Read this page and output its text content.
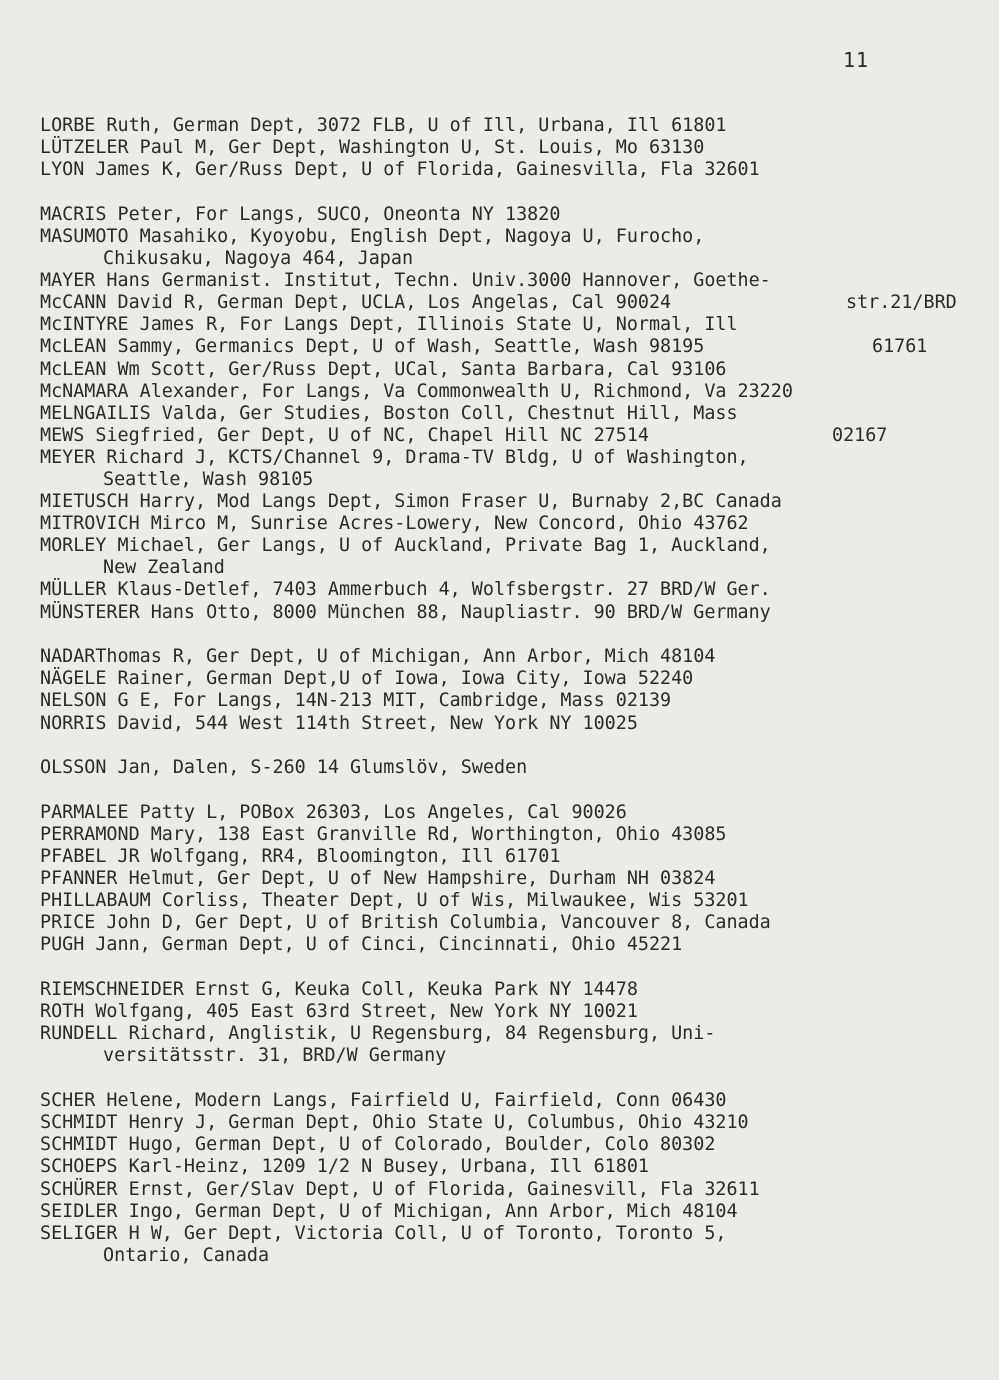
11
LORBE Ruth, German Dept, 3072 FLB, U of Ill, Urbana, Ill 61801
LÜTZELER Paul M, Ger Dept, Washington U, St. Louis, Mo 63130
LYON James K, Ger/Russ Dept, U of Florida, Gainesvilla, Fla 32601
MACRIS Peter, For Langs, SUCO, Oneonta NY 13820
MASUMOTO Masahiko, Kyoyobu, English Dept, Nagoya U, Furocho,
Chikusaku, Nagoya 464, Japan
MAYER Hans Germanist. Institut, Techn. Univ.3000 Hannover, Goethe-
McCANN David R, German Dept, UCLA, Los Angelas, Cal 90024	str.21/BRD
McINTYRE James R, For Langs Dept, Illinois State U, Normal, Ill
McLEAN Sammy, Germanics Dept, U of Wash, Seattle, Wash 98195	61761
McLEAN Wm Scott, Ger/Russ Dept, UCal, Santa Barbara, Cal 93106
McNAMARA Alexander, For Langs, Va Commonwealth U, Richmond, Va 23220
MELNGAILIS Valda, Ger Studies, Boston Coll, Chestnut Hill, Mass
MEWS Siegfried, Ger Dept, U of NC, Chapel Hill NC 27514	02167
MEYER Richard J, KCTS/Channel 9, Drama-TV Bldg, U of Washington,
Seattle, Wash 98105
MIETUSCH Harry, Mod Langs Dept, Simon Fraser U, Burnaby 2,BC Canada
MITROVICH Mirco M, Sunrise Acres-Lowery, New Concord, Ohio 43762
MORLEY Michael, Ger Langs, U of Auckland, Private Bag 1, Auckland,
New Zealand
MÜLLER Klaus-Detlef, 7403 Ammerbuch 4, Wolfsbergstr. 27 BRD/W Ger.
MÜNSTERER Hans Otto, 8000 München 88, Naupliastr. 90 BRD/W Germany
NADARThomas R, Ger Dept, U of Michigan, Ann Arbor, Mich 48104
NÄGELE Rainer, German Dept,U of Iowa, Iowa City, Iowa 52240
NELSON G E, For Langs, 14N-213 MIT, Cambridge, Mass 02139
NORRIS David, 544 West 114th Street, New York NY 10025
OLSSON Jan, Dalen, S-260 14 Glumslöv, Sweden
PARMALEE Patty L, POBox 26303, Los Angeles, Cal 90026
PERRAMOND Mary, 138 East Granville Rd, Worthington, Ohio 43085
PFABEL JR Wolfgang, RR4, Bloomington, Ill 61701
PFANNER Helmut, Ger Dept, U of New Hampshire, Durham NH 03824
PHILLABAUM Corliss, Theater Dept, U of Wis, Milwaukee, Wis 53201
PRICE John D, Ger Dept, U of British Columbia, Vancouver 8, Canada
PUGH Jann, German Dept, U of Cinci, Cincinnati, Ohio 45221
RIEMSCHNEIDER Ernst G, Keuka Coll, Keuka Park NY 14478
ROTH Wolfgang, 405 East 63rd Street, New York NY 10021
RUNDELL Richard, Anglistik, U Regensburg, 84 Regensburg, Uni-
versitätsstr. 31, BRD/W Germany
SCHER Helene, Modern Langs, Fairfield U, Fairfield, Conn 06430
SCHMIDT Henry J, German Dept, Ohio State U, Columbus, Ohio 43210
SCHMIDT Hugo, German Dept, U of Colorado, Boulder, Colo 80302
SCHOEPS Karl-Heinz, 1209 1/2 N Busey, Urbana, Ill 61801
SCHÜRER Ernst, Ger/Slav Dept, U of Florida, Gainesvill, Fla 32611
SEIDLER Ingo, German Dept, U of Michigan, Ann Arbor, Mich 48104
SELIGER H W, Ger Dept, Victoria Coll, U of Toronto, Toronto 5,
Ontario, Canada
